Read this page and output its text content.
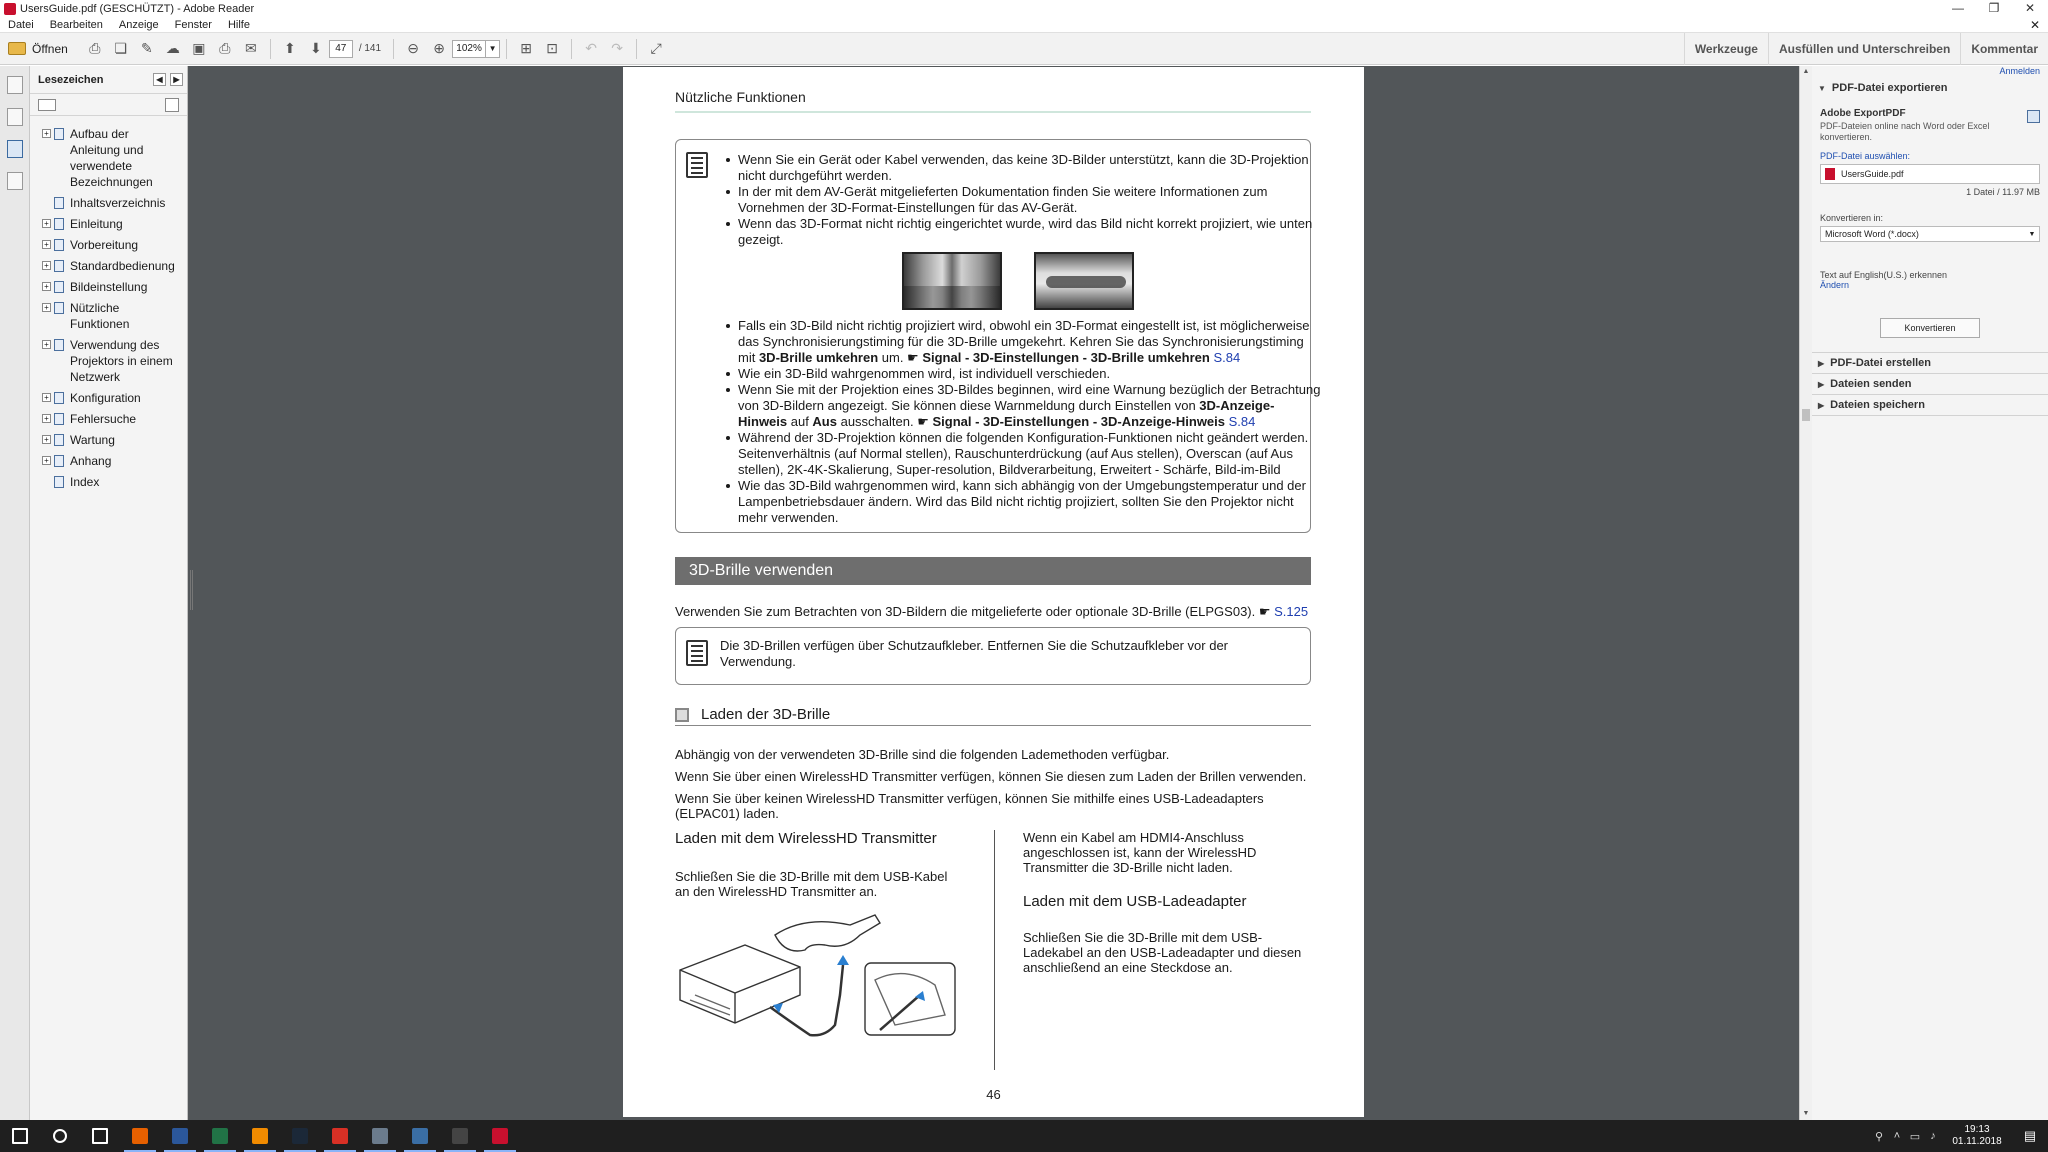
UsersGuide.pdf (GESCHÜTZT) - Adobe Reader	—	❐	✕
Datei	Bearbeiten	Anzeige	Fenster	Hilfe	✕
Öffnen	⎙	❏ ✎ ☁ ▣ ⎙	✉	⬆	⬇	47	/ 141	⊖	⊕	102% ▼	⊞	⊡	↶	↷	⤢	Werkzeuge	Ausfüllen und Unterschreiben	Kommentar
Lesezeichen	◀	▶
+ Aufbau der Anleitung und verwendete Bezeichnungen
Inhaltsverzeichnis
+ Einleitung
+ Vorbereitung
+ Standardbedienung
+ Bildeinstellung
+ Nützliche Funktionen
+ Verwendung des Projektors in einem Netzwerk
+ Konfiguration
+ Fehlersuche
+ Wartung
+ Anhang
Index
Nützliche Funktionen
Wenn Sie ein Gerät oder Kabel verwenden, das keine 3D-Bilder unterstützt, kann die 3D-Projektion nicht durchgeführt werden.
In der mit dem AV-Gerät mitgelieferten Dokumentation finden Sie weitere Informationen zum Vornehmen der 3D-Format-Einstellungen für das AV-Gerät.
Wenn das 3D-Format nicht richtig eingerichtet wurde, wird das Bild nicht korrekt projiziert, wie unten gezeigt.
Falls ein 3D-Bild nicht richtig projiziert wird, obwohl ein 3D-Format eingestellt ist, ist möglicherweise das Synchronisierungstiming für die 3D-Brille umgekehrt. Kehren Sie das Synchronisierungstiming mit 3D-Brille umkehren um. ☛ Signal - 3D-Einstellungen - 3D-Brille umkehren S.84
Wie ein 3D-Bild wahrgenommen wird, ist individuell verschieden.
Wenn Sie mit der Projektion eines 3D-Bildes beginnen, wird eine Warnung bezüglich der Betrachtung von 3D-Bildern angezeigt. Sie können diese Warnmeldung durch Einstellen von 3D-Anzeige-Hinweis auf Aus ausschalten. ☛ Signal - 3D-Einstellungen - 3D-Anzeige-Hinweis S.84
Während der 3D-Projektion können die folgenden Konfiguration-Funktionen nicht geändert werden. Seitenverhältnis (auf Normal stellen), Rauschunterdrückung (auf Aus stellen), Overscan (auf Aus stellen), 2K-4K-Skalierung, Super-resolution, Bildverarbeitung, Erweitert - Schärfe, Bild-im-Bild
Wie das 3D-Bild wahrgenommen wird, kann sich abhängig von der Umgebungstemperatur und der Lampenbetriebsdauer ändern. Wird das Bild nicht richtig projiziert, sollten Sie den Projektor nicht mehr verwenden.
3D-Brille verwenden
Verwenden Sie zum Betrachten von 3D-Bildern die mitgelieferte oder optionale 3D-Brille (ELPGS03). ☛ S.125
Die 3D-Brillen verfügen über Schutzaufkleber. Entfernen Sie die Schutzaufkleber vor der Verwendung.
Laden der 3D-Brille
Abhängig von der verwendeten 3D-Brille sind die folgenden Lademethoden verfügbar.
Wenn Sie über einen WirelessHD Transmitter verfügen, können Sie diesen zum Laden der Brillen verwenden.
Wenn Sie über keinen WirelessHD Transmitter verfügen, können Sie mithilfe eines USB-Ladeadapters (ELPAC01) laden.
Laden mit dem WirelessHD Transmitter

Schließen Sie die 3D-Brille mit dem USB-Kabel an den WirelessHD Transmitter an.

Wenn ein Kabel am HDMI4-Anschluss angeschlossen ist, kann der WirelessHD Transmitter die 3D-Brille nicht laden.

Laden mit dem USB-Ladeadapter

Schließen Sie die 3D-Brille mit dem USB-Ladekabel an den USB-Ladeadapter und diesen anschließend an eine Steckdose an.

46
▲
▼
Anmelden
▼ PDF-Datei exportieren
Adobe ExportPDF
PDF-Dateien online nach Word oder Excel konvertieren.
PDF-Datei auswählen:
UsersGuide.pdf
1 Datei / 11.97 MB
Konvertieren in:
Microsoft Word (*.docx)	▼
Text auf English(U.S.) erkennen
Ändern
Konvertieren
▶ PDF-Datei erstellen
▶ Dateien senden
▶ Dateien speichern
⚲ ˄ ▭ ♪
19:13
01.11.2018	▤
